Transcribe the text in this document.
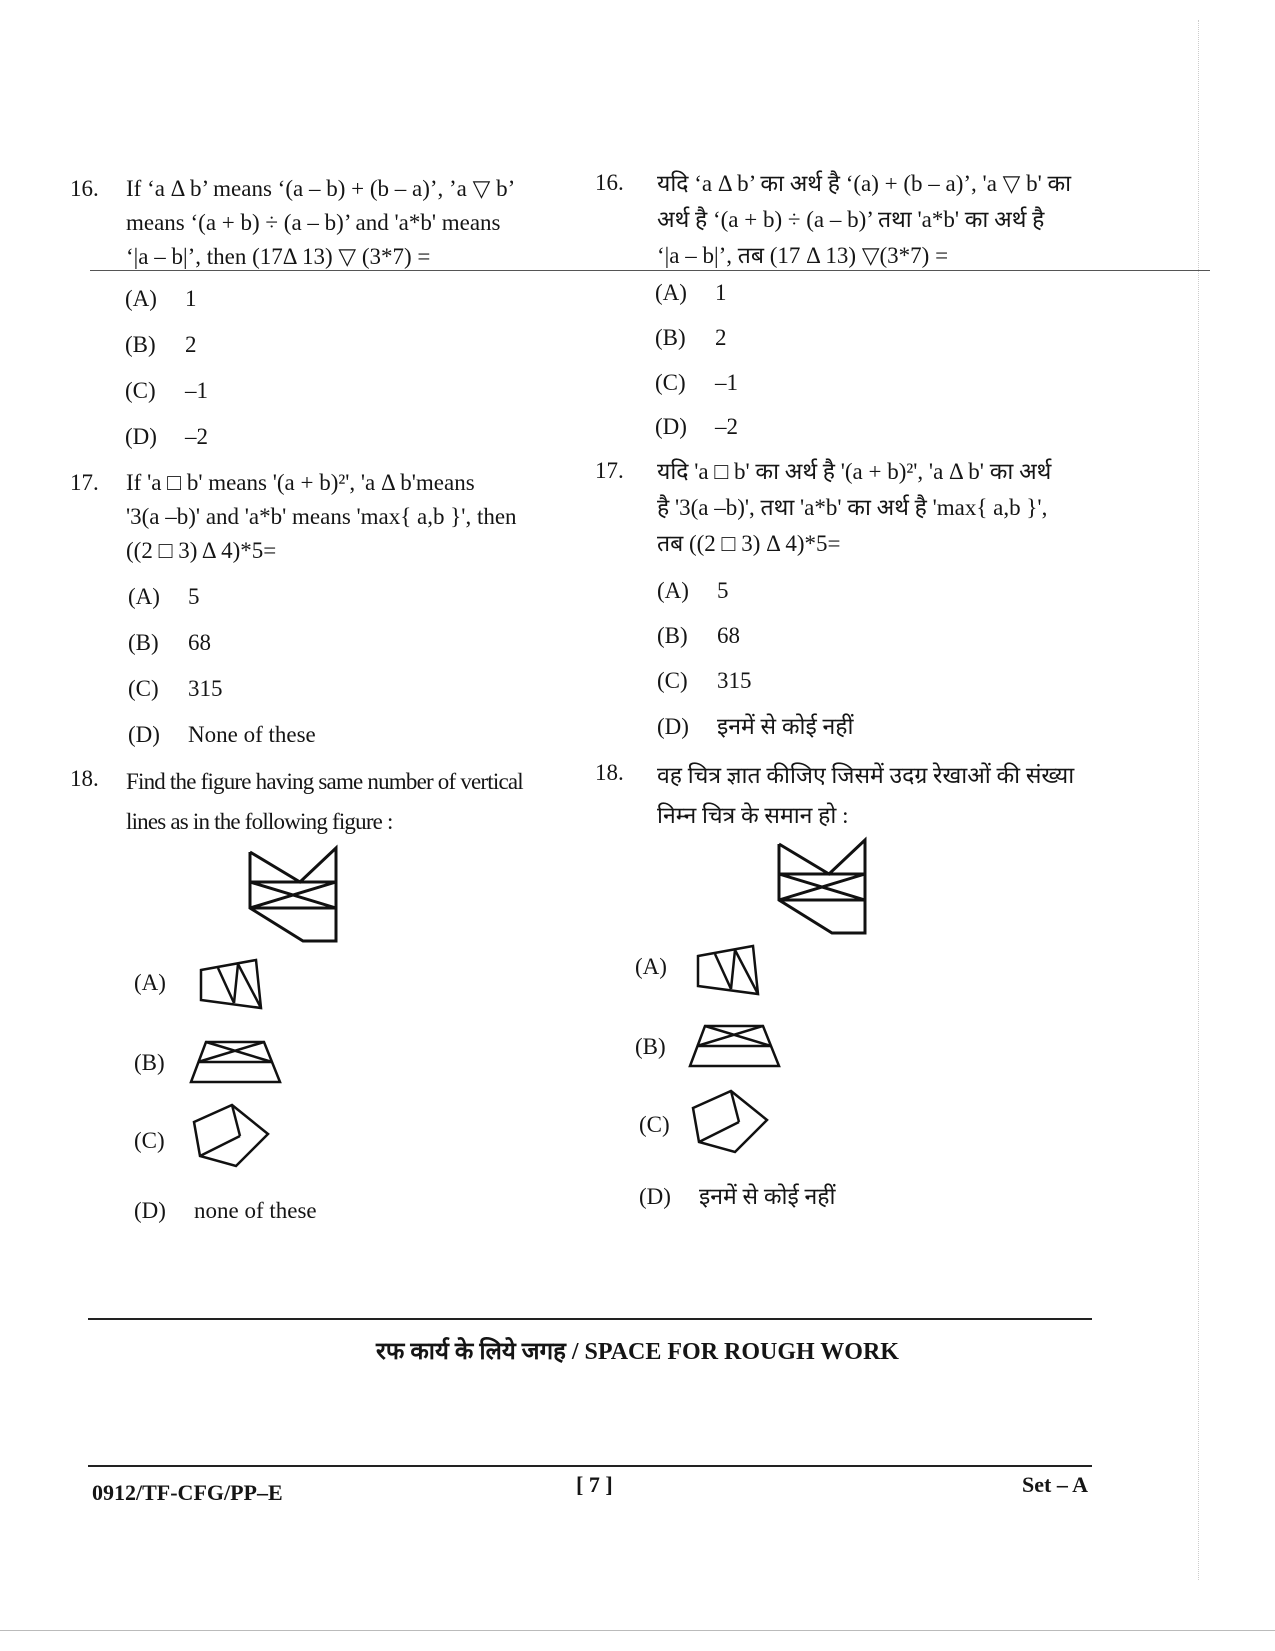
16. If ‘a Δ b’ means ‘(a – b) + (b – a)’, ’a ▽ b’
means ‘(a + b) ÷ (a – b)’ and 'a*b' means
‘|a – b|’, then (17Δ 13) ▽ (3*7) =
(A) 1
(B) 2
(C) –1
(D) –2
17. If 'a □ b' means '(a + b)²', 'a Δ b'means
'3(a –b)' and 'a*b' means 'max{ a,b }', then
((2 □ 3) Δ 4)*5=
(A) 5
(B) 68
(C) 315
(D) None of these
18. Find the figure having same number of vertical
lines as in the following figure :
(A)
(B)
(C)
(D) none of these
16. यदि ‘a Δ b’ का अर्थ है ‘(a) + (b – a)’, 'a ▽ b' का
अर्थ है ‘(a + b) ÷ (a – b)’ तथा 'a*b' का अर्थ है
‘|a – b|’, तब (17 Δ 13) ▽(3*7) =
(A) 1
(B) 2
(C) –1
(D) –2
17. यदि 'a □ b' का अर्थ है '(a + b)²', 'a Δ b' का अर्थ
है '3(a –b)', तथा 'a*b' का अर्थ है 'max{ a,b }',
तब ((2 □ 3) Δ 4)*5=
(A) 5
(B) 68
(C) 315
(D) इनमें से कोई नहीं
18. वह चित्र ज्ञात कीजिए जिसमें उदग्र रेखाओं की संख्या
निम्न चित्र के समान हो :
(A)
(B)
(C)
(D) इनमें से कोई नहीं
रफ कार्य के लिये जगह / SPACE FOR ROUGH WORK
0912/TF-CFG/PP–E	[ 7 ]	Set – A
